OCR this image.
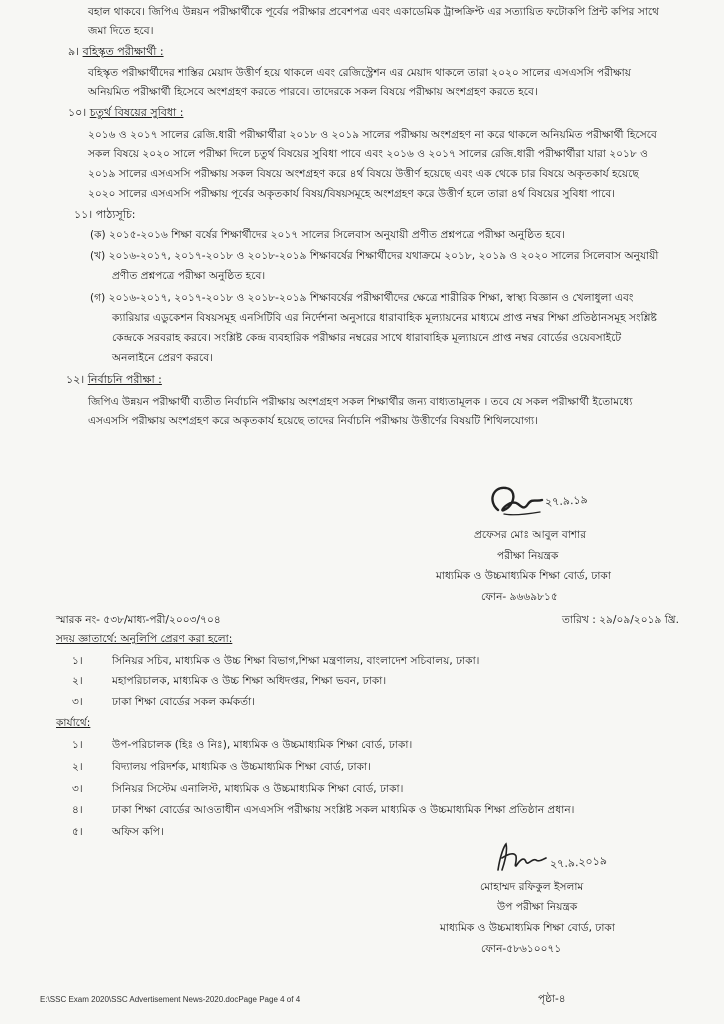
বহাল থাকবে। জিপিএ উন্নয়ন পরীক্ষার্থীকে পূর্বের পরীক্ষার প্রবেশপত্র এবং একাডেমিক ট্রান্সক্রিপ্ট এর সত্যায়িত ফটোকপি প্রিন্ট কপির সাথে
জমা দিতে হবে।
৯। বহিস্কৃত পরীক্ষার্থী :
বহিস্কৃত পরীক্ষার্থীদের শাস্তির মেয়াদ উত্তীর্ণ হয়ে থাকলে এবং রেজিস্ট্রেশন এর মেয়াদ থাকলে তারা ২০২০ সালের এসএসসি পরীক্ষায়
অনিয়মিত পরীক্ষার্থী হিসেবে অংশগ্রহণ করতে পারবে। তাদেরকে সকল বিষয়ে পরীক্ষায় অংশগ্রহণ করতে হবে।
১০। চতুর্থ বিষয়ের সুবিধা :
২০১৬ ও ২০১৭ সালের রেজি.ধারী পরীক্ষার্থীরা ২০১৮ ও ২০১৯ সালের পরীক্ষায় অংশগ্রহণ না করে থাকলে অনিয়মিত পরীক্ষার্থী হিসেবে
সকল বিষয়ে ২০২০ সালে পরীক্ষা দিলে চতুর্থ বিষয়ের সুবিধা পাবে এবং ২০১৬ ও ২০১৭ সালের রেজি.ধারী পরীক্ষার্থীরা যারা ২০১৮ ও
২০১৯ সালের এসএসসি পরীক্ষায় সকল বিষয়ে অংশগ্রহণ করে ৪র্থ বিষয়ে উত্তীর্ণ হয়েছে এবং এক থেকে চার বিষয়ে অকৃতকার্য হয়েছে
২০২০ সালের এসএসসি পরীক্ষায় পূর্বের অকৃতকার্য বিষয়/বিষয়সমূহে অংশগ্রহণ করে উত্তীর্ণ হলে তারা ৪র্থ বিষয়ের সুবিধা পাবে।
১১। পাঠ্যসূচি:
(ক) ২০১৫-২০১৬ শিক্ষা বর্ষের শিক্ষার্থীদের ২০১৭ সালের সিলেবাস অনুযায়ী প্রণীত প্রশ্নপত্রে পরীক্ষা অনুষ্ঠিত হবে।
(খ) ২০১৬-২০১৭, ২০১৭-২০১৮ ও ২০১৮-২০১৯ শিক্ষাবর্ষের শিক্ষার্থীদের যথাক্রমে ২০১৮, ২০১৯ ও ২০২০ সালের সিলেবাস অনুযায়ী
প্রণীত প্রশ্নপত্রে পরীক্ষা অনুষ্ঠিত হবে।
(গ) ২০১৬-২০১৭, ২০১৭-২০১৮ ও ২০১৮-২০১৯ শিক্ষাবর্ষের পরীক্ষার্থীদের ক্ষেত্রে শারীরিক শিক্ষা, স্বাস্থ্য বিজ্ঞান ও খেলাধুলা এবং
ক্যারিয়ার এডুকেশন বিষয়সমূহ এনসিটিবি এর নির্দেশনা অনুসারে ধারাবাহিক মূল্যায়নের মাধ্যমে প্রাপ্ত নম্বর শিক্ষা প্রতিষ্ঠানসমূহ সংশ্লিষ্ট
কেন্দ্রকে সরবরাহ করবে। সংশ্লিষ্ট কেন্দ্র ব্যবহারিক পরীক্ষার নম্বরের সাথে ধারাবাহিক মূল্যায়নে প্রাপ্ত নম্বর বোর্ডের ওয়েবসাইটে
অনলাইনে প্রেরণ করবে।
১২। নির্বাচনি পরীক্ষা :
জিপিএ উন্নয়ন পরীক্ষার্থী ব্যতীত নির্বাচনি পরীক্ষায় অংশগ্রহণ সকল শিক্ষার্থীর জন্য বাধ্যতামূলক । তবে যে সকল পরীক্ষার্থী ইতোমধ্যে
এসএসসি পরীক্ষায় অংশগ্রহণ করে অকৃতকার্য হয়েছে তাদের নির্বাচনি পরীক্ষায় উত্তীর্ণের বিষয়টি শিথিলযোগ্য।
২৭.৯.১৯
প্রফেসর মোঃ আবুল বাশার
পরীক্ষা নিয়ন্ত্রক
মাধ্যমিক ও উচ্চমাধ্যমিক শিক্ষা বোর্ড, ঢাকা
ফোন- ৯৬৬৯৮১৫
স্মারক নং- ৫৩৮/মাধ্য-পরী/২০০৩/৭০৪	তারিখ : ২৯/০৯/২০১৯ খ্রি.
সদয় জ্ঞাতার্থে: অনুলিপি প্রেরণ করা হলো:
১।	সিনিয়র সচিব, মাধ্যমিক ও উচ্চ শিক্ষা বিভাগ,শিক্ষা মন্ত্রণালয়, বাংলাদেশ সচিবালয়, ঢাকা।
২।	মহাপরিচালক, মাধ্যমিক ও উচ্চ শিক্ষা অধিদপ্তর, শিক্ষা ভবন, ঢাকা।
৩।	ঢাকা শিক্ষা বোর্ডের সকল কর্মকর্তা।
কার্যার্থে:
১।	উপ-পরিচালক (হিঃ ও নিঃ), মাধ্যমিক ও উচ্চমাধ্যমিক শিক্ষা বোর্ড, ঢাকা।
২।	বিদ্যালয় পরিদর্শক, মাধ্যমিক ও উচ্চমাধ্যমিক শিক্ষা বোর্ড, ঢাকা।
৩।	সিনিয়র সিস্টেম এনালিস্ট, মাধ্যমিক ও উচ্চমাধ্যমিক শিক্ষা বোর্ড, ঢাকা।
৪।	ঢাকা শিক্ষা বোর্ডের আওতাধীন এসএসসি পরীক্ষায় সংশ্লিষ্ট সকল মাধ্যমিক ও উচ্চমাধ্যমিক শিক্ষা প্রতিষ্ঠান প্রধান।
৫।	অফিস কপি।
২৭.৯.২০১৯
মোহাম্মদ রফিকুল ইসলাম
উপ পরীক্ষা নিয়ন্ত্রক
মাধ্যমিক ও উচ্চমাধ্যমিক শিক্ষা বোর্ড, ঢাকা
ফোন-৫৮৬১০০৭১
E:\SSC Exam 2020\SSC Advertisement News-2020.docPage Page 4 of 4	পৃষ্ঠা-৪
